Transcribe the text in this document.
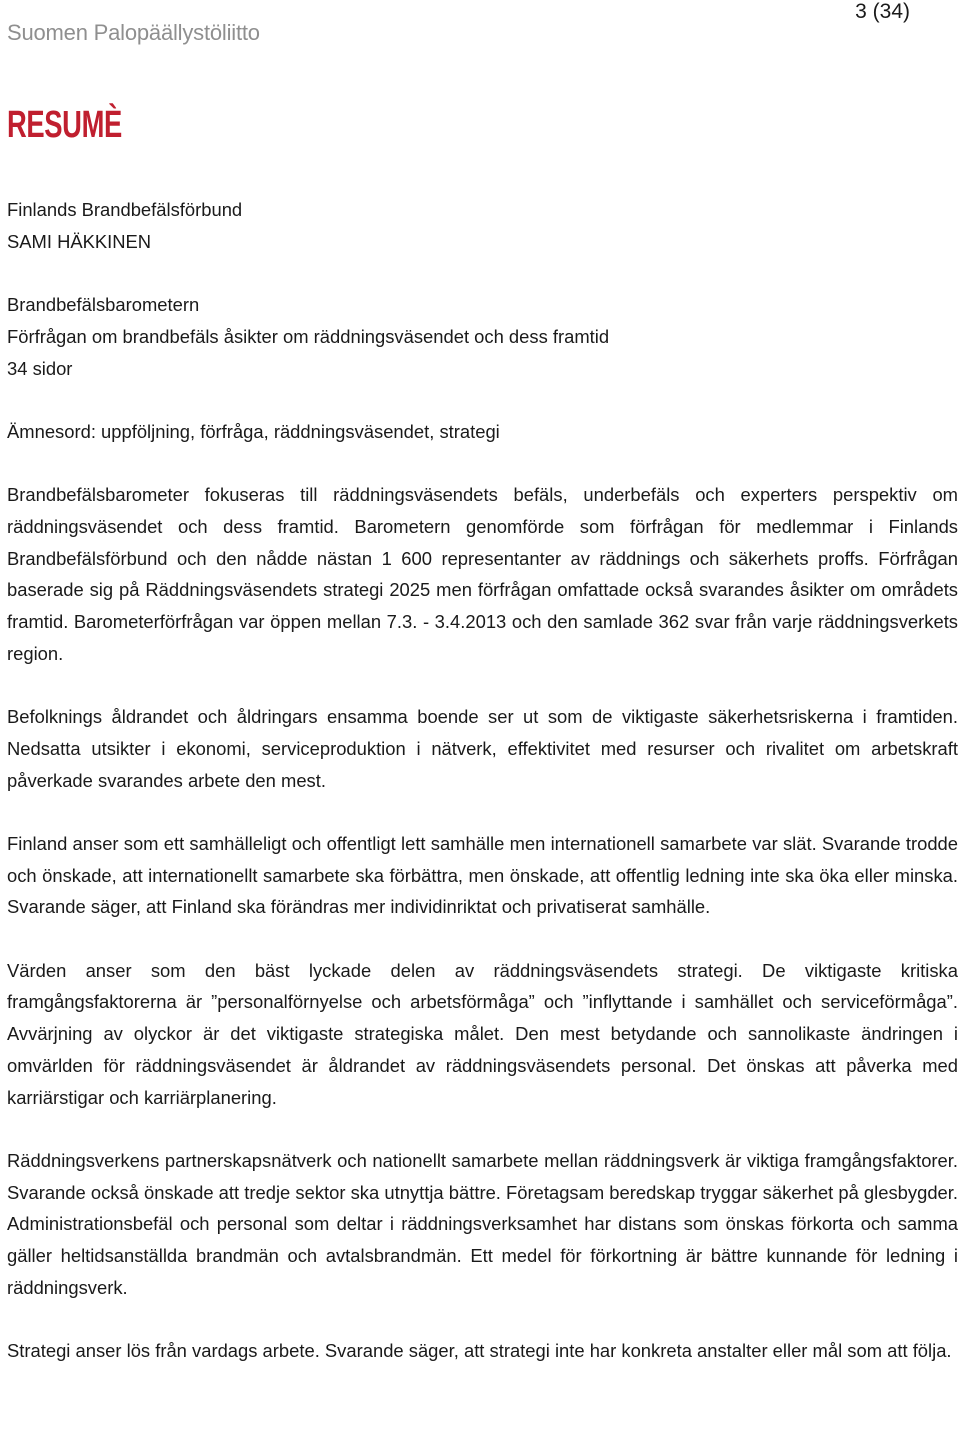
Suomen Palopäällystöliitto
3 (34)
RESUMÈ
Finlands Brandbefälsförbund
SAMI HÄKKINEN
Brandbefälsbarometern
Förfrågan om brandbefäls åsikter om räddningsväsendet och dess framtid
34 sidor

Ämnesord: uppföljning, förfråga, räddningsväsendet, strategi

Brandbefälsbarometer fokuseras till räddningsväsendets befäls, underbefäls och experters perspektiv om räddningsväsendet och dess framtid. Barometern genomförde som förfrågan för medlemmar i Finlands Brandbefälsförbund och den nådde nästan 1 600 representanter av räddnings och säkerhets proffs. Förfrågan baserade sig på Räddningsväsendets strategi 2025 men förfrågan omfattade också svarandes åsikter om områdets framtid. Barometerförfrågan var öppen mellan 7.3. - 3.4.2013 och den samlade 362 svar från varje räddningsverkets region.

Befolknings åldrandet och åldringars ensamma boende ser ut som de viktigaste säkerhetsriskerna i framtiden. Nedsatta utsikter i ekonomi, serviceproduktion i nätverk, effektivitet med resurser och rivalitet om arbetskraft påverkade svarandes arbete den mest.

Finland anser som ett samhälleligt och offentligt lett samhälle men internationell samarbete var slät. Svarande trodde och önskade, att internationellt samarbete ska förbättra, men önskade, att offentlig ledning inte ska öka eller minska. Svarande säger, att Finland ska förändras mer individinriktat och privatiserat samhälle.

Värden anser som den bäst lyckade delen av räddningsväsendets strategi. De viktigaste kritiska framgångsfaktorerna är ”personalförnyelse och arbetsförmåga” och ”inflyttande i samhället och serviceförmåga”. Avvärjning av olyckor är det viktigaste strategiska målet. Den mest betydande och sannolikaste ändringen i omvärlden för räddningsväsendet är åldrandet av räddningsväsendets personal. Det önskas att påverka med karriärstigar och karriärplanering.

Räddningsverkens partnerskapsnätverk och nationellt samarbete mellan räddningsverk är viktiga framgångsfaktorer. Svarande också önskade att tredje sektor ska utnyttja bättre. Företagsam beredskap tryggar säkerhet på glesbygder. Administrationsbefäl och personal som deltar i räddningsverksamhet har distans som önskas förkorta och samma gäller heltidsanställda brandmän och avtalsbrandmän. Ett medel för förkortning är bättre kunnande för ledning i räddningsverk.

Strategi anser lös från vardags arbete. Svarande säger, att strategi inte har konkreta anstalter eller mål som att följa.
